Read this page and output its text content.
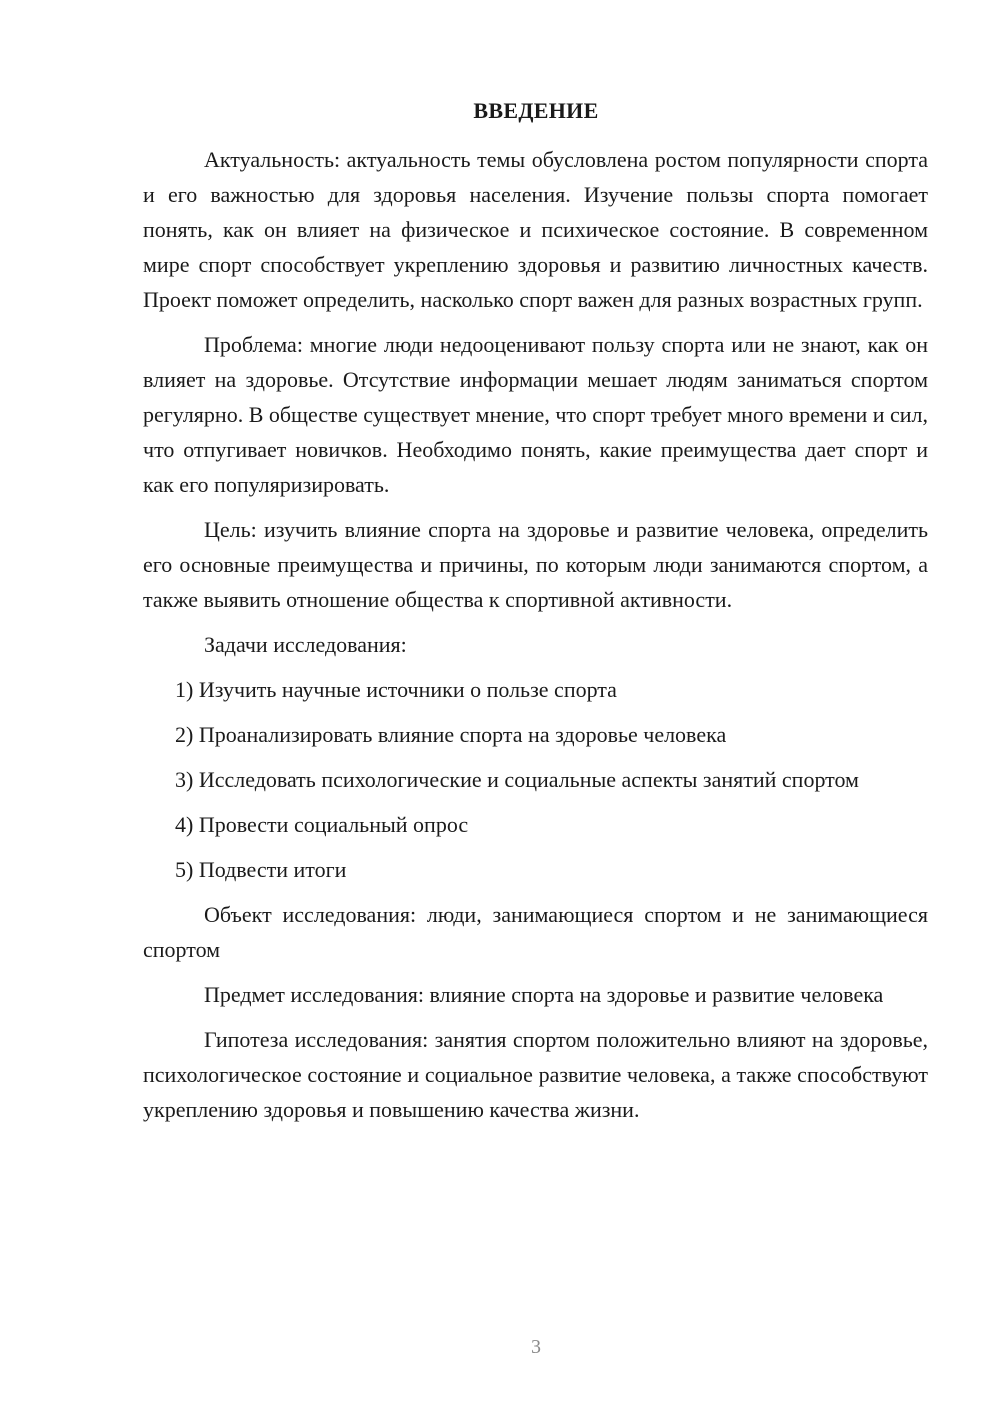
ВВЕДЕНИЕ

Актуальность: актуальность темы обусловлена ростом популярности спорта и его важностью для здоровья населения. Изучение пользы спорта помогает понять, как он влияет на физическое и психическое состояние. В современном мире спорт способствует укреплению здоровья и развитию личностных качеств. Проект поможет определить, насколько спорт важен для разных возрастных групп.

Проблема: многие люди недооценивают пользу спорта или не знают, как он влияет на здоровье. Отсутствие информации мешает людям заниматься спортом регулярно. В обществе существует мнение, что спорт требует много времени и сил, что отпугивает новичков. Необходимо понять, какие преимущества дает спорт и как его популяризировать.

Цель: изучить влияние спорта на здоровье и развитие человека, определить его основные преимущества и причины, по которым люди занимаются спортом, а также выявить отношение общества к спортивной активности.

Задачи исследования:

1) Изучить научные источники о пользе спорта

2) Проанализировать влияние спорта на здоровье человека

3) Исследовать психологические и социальные аспекты занятий спортом

4) Провести социальный опрос

5) Подвести итоги

Объект исследования: люди, занимающиеся спортом и не занимающиеся спортом

Предмет исследования: влияние спорта на здоровье и развитие человека

Гипотеза исследования: занятия спортом положительно влияют на здоровье, психологическое состояние и социальное развитие человека, а также способствуют укреплению здоровья и повышению качества жизни.

3
